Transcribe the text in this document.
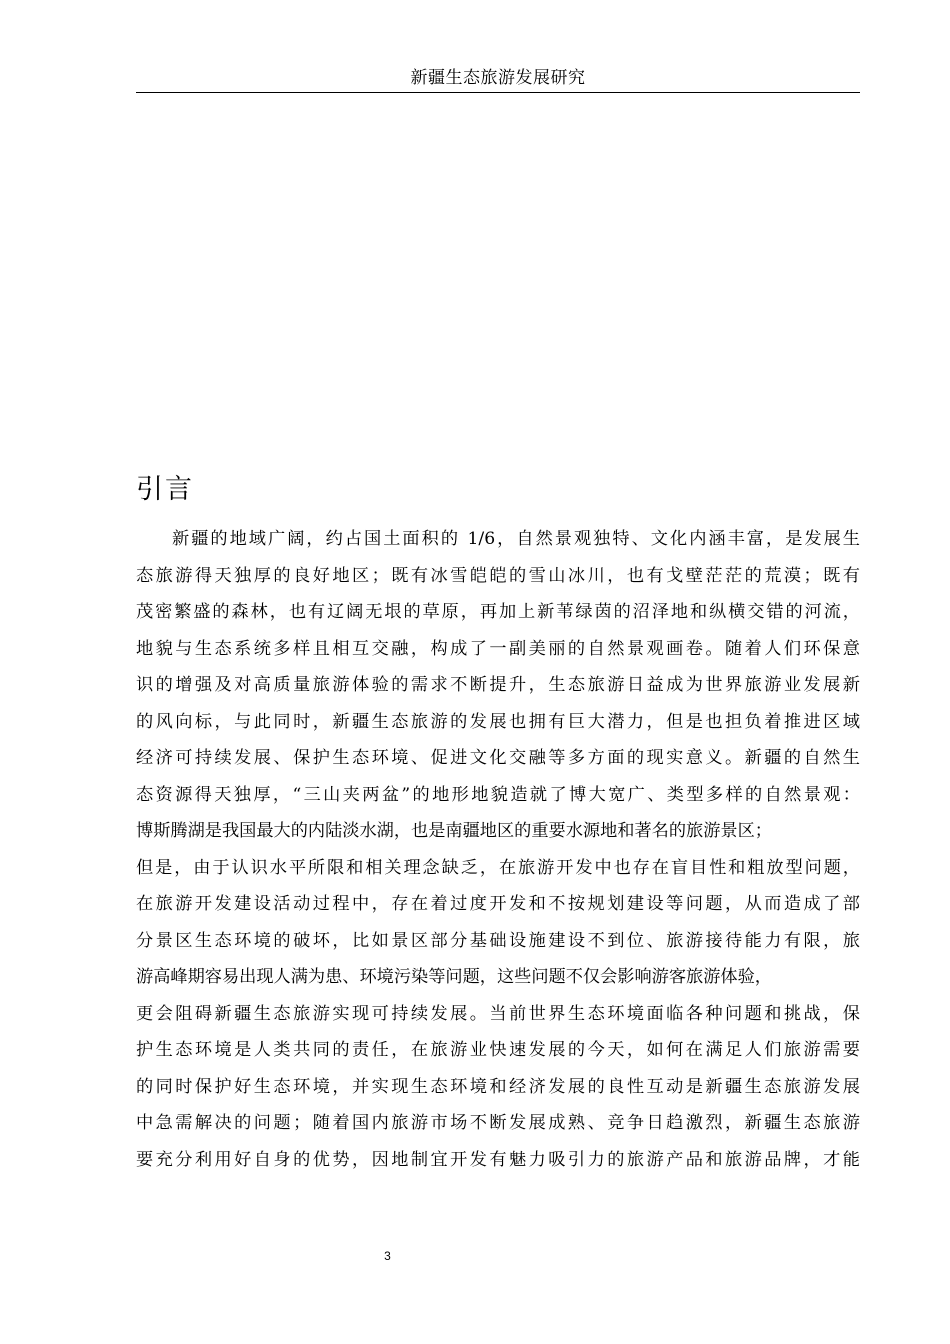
新疆生态旅游发展研究
引言
新疆的地域广阔，约占国土面积的 1/6，自然景观独特、文化内涵丰富，是发展生
态旅游得天独厚的良好地区；既有冰雪皑皑的雪山冰川，也有戈壁茫茫的荒漠；既有
茂密繁盛的森林，也有辽阔无垠的草原，再加上新苇绿茵的沼泽地和纵横交错的河流，
地貌与生态系统多样且相互交融，构成了一副美丽的自然景观画卷。随着人们环保意
识的增强及对高质量旅游体验的需求不断提升，生态旅游日益成为世界旅游业发展新
的风向标，与此同时，新疆生态旅游的发展也拥有巨大潜力，但是也担负着推进区域
经济可持续发展、保护生态环境、促进文化交融等多方面的现实意义。新疆的自然生
态资源得天独厚，“三山夹两盆”的地形地貌造就了博大宽广、类型多样的自然景观：
博斯腾湖是我国最大的内陆淡水湖，也是南疆地区的重要水源地和著名的旅游景区；
但是，由于认识水平所限和相关理念缺乏，在旅游开发中也存在盲目性和粗放型问题，
在旅游开发建设活动过程中，存在着过度开发和不按规划建设等问题，从而造成了部
分景区生态环境的破坏，比如景区部分基础设施建设不到位、旅游接待能力有限，旅
游高峰期容易出现人满为患、环境污染等问题，这些问题不仅会影响游客旅游体验，
更会阻碍新疆生态旅游实现可持续发展。当前世界生态环境面临各种问题和挑战，保
护生态环境是人类共同的责任，在旅游业快速发展的今天，如何在满足人们旅游需要
的同时保护好生态环境，并实现生态环境和经济发展的良性互动是新疆生态旅游发展
中急需解决的问题；随着国内旅游市场不断发展成熟、竞争日趋激烈，新疆生态旅游
要充分利用好自身的优势，因地制宜开发有魅力吸引力的旅游产品和旅游品牌，才能
3
